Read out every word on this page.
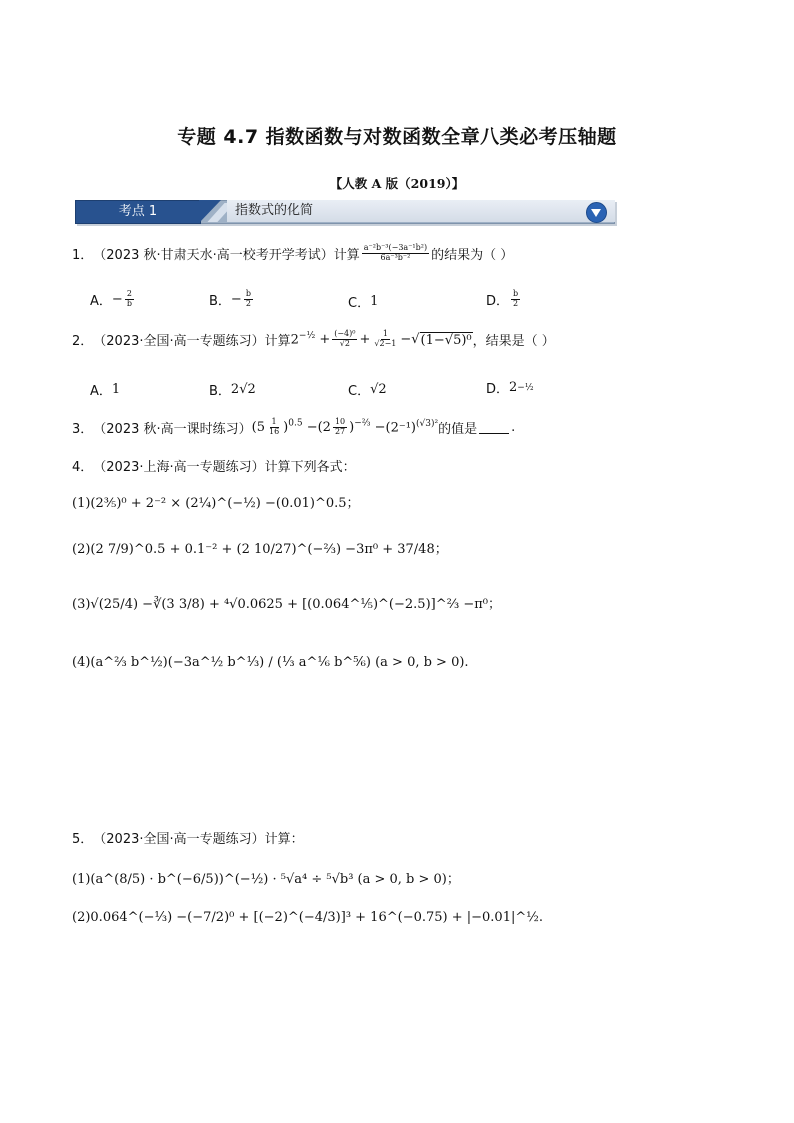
专题 4.7 指数函数与对数函数全章八类必考压轴题
【人教 A 版（2019）】
考点 1	指数式的化简
1． （2023 秋·甘肃天水·高一校考开学考试）计算 $\frac{\text{a⁻²b⁻³(−3a⁻¹b²)}}{\text{6a⁻³b⁻²}}$ 的结果为（ ）
A． − $\frac{2}{b}$	B． − $\frac{b}{2}$	C． 1	D． $\frac{b}{2}$
2． （2023·全国·高一专题练习）计算 $2^{-\frac{1}{2}} + \frac{\text{(−4)⁰}}{√2} + \frac{1}{√2-1}$ −√ (1−√5)⁰ ，结果是（ ）
A． 1	B． 2√2	C． √2	D． 2 −½
3． （2023 秋·高一课时练习） $(5 \frac{1}{16} )^{0.5} - (2 \frac{10}{27} )^{-\frac{2}{3}} - (2^{-1})^{(√3)^2}$ 的值是	.
4． （2023·上海·高一专题练习）计算下列各式：
(1)(2⅗)⁰ + 2⁻² × (2¼)^(−½) −(0.01)^0.5；
(2)(2 7/9)^0.5 + 0.1⁻² + (2 10/27)^(−⅔) −3π⁰ + 37/48；
(3)√(25/4) −∛(3 3/8) + ⁴√0.0625 + [(0.064^⅕)^(−2.5)]^⅔ −π⁰；
(4)(a^⅔ b^½)(−3a^½ b^⅓) / (⅓ a^⅙ b^⅚) (a > 0, b > 0).
5． （2023·全国·高一专题练习）计算：
(1)(a^(8/5) · b^(−6/5))^(−½) · ⁵√a⁴ ÷ ⁵√b³ (a > 0, b > 0)；
(2)0.064^(−⅓) −(−7/2)⁰ + [(−2)^(−4/3)]³ + 16^(−0.75) + |−0.01|^½.
